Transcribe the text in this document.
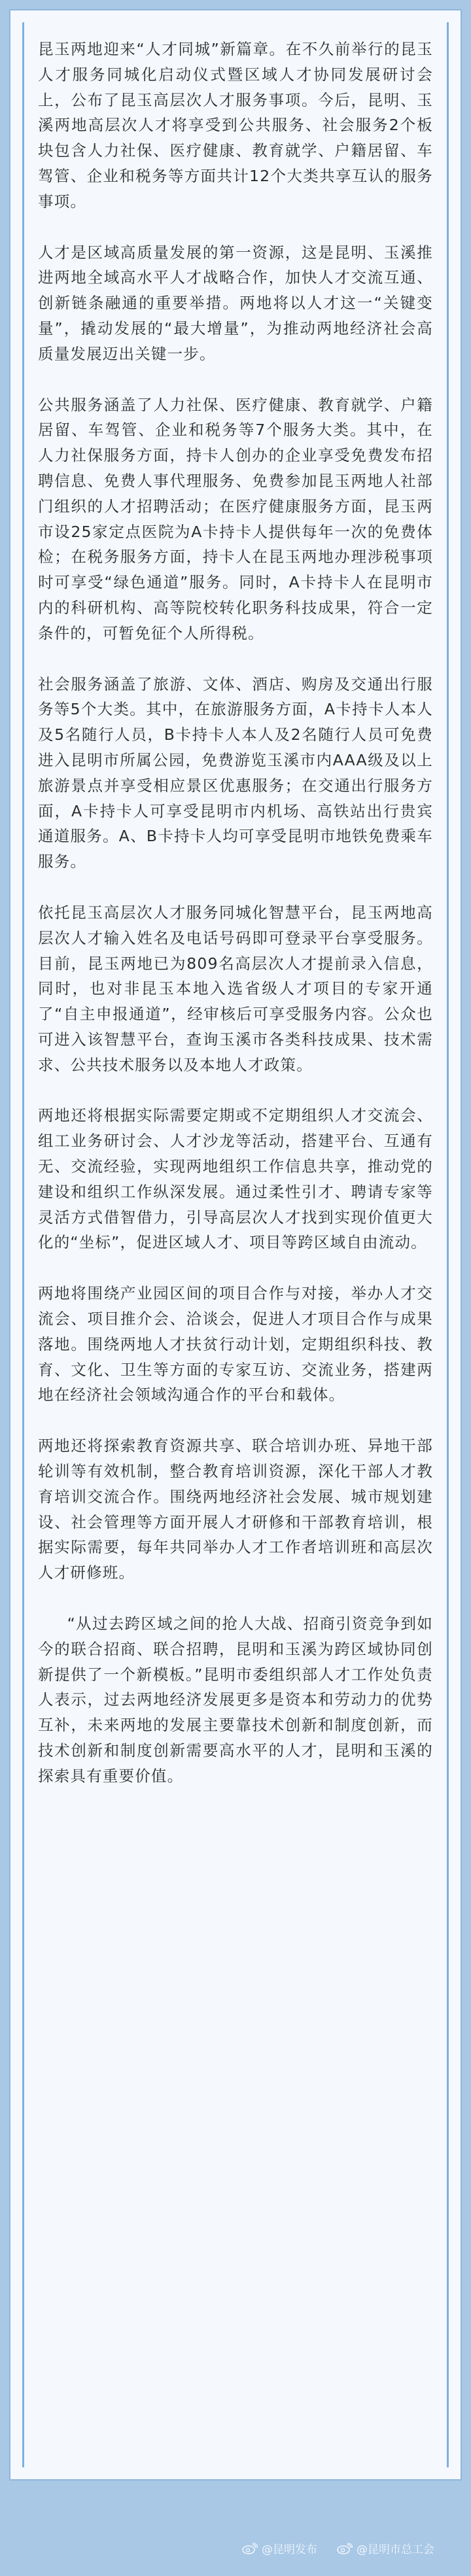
昆玉两地迎来“人才同城”新篇章。在不久前举行的昆玉人才服务同城化启动仪式暨区域人才协同发展研讨会上，公布了昆玉高层次人才服务事项。今后，昆明、玉溪两地高层次人才将享受到公共服务、社会服务2个板块包含人力社保、医疗健康、教育就学、户籍居留、车驾管、企业和税务等方面共计12个大类共享互认的服务事项。

人才是区域高质量发展的第一资源，这是昆明、玉溪推进两地全域高水平人才战略合作，加快人才交流互通、创新链条融通的重要举措。两地将以人才这一“关键变量”，撬动发展的“最大增量”，为推动两地经济社会高质量发展迈出关键一步。

公共服务涵盖了人力社保、医疗健康、教育就学、户籍居留、车驾管、企业和税务等7个服务大类。其中，在人力社保服务方面，持卡人创办的企业享受免费发布招聘信息、免费人事代理服务、免费参加昆玉两地人社部门组织的人才招聘活动；在医疗健康服务方面，昆玉两市设25家定点医院为A卡持卡人提供每年一次的免费体检；在税务服务方面，持卡人在昆玉两地办理涉税事项时可享受“绿色通道”服务。同时，A卡持卡人在昆明市内的科研机构、高等院校转化职务科技成果，符合一定条件的，可暂免征个人所得税。

社会服务涵盖了旅游、文体、酒店、购房及交通出行服务等5个大类。其中，在旅游服务方面，A卡持卡人本人及5名随行人员，B卡持卡人本人及2名随行人员可免费进入昆明市所属公园，免费游览玉溪市内AAA级及以上旅游景点并享受相应景区优惠服务；在交通出行服务方面，A卡持卡人可享受昆明市内机场、高铁站出行贵宾通道服务。A、B卡持卡人均可享受昆明市地铁免费乘车服务。

依托昆玉高层次人才服务同城化智慧平台，昆玉两地高层次人才输入姓名及电话号码即可登录平台享受服务。目前，昆玉两地已为809名高层次人才提前录入信息，同时，也对非昆玉本地入选省级人才项目的专家开通了“自主申报通道”，经审核后可享受服务内容。公众也可进入该智慧平台，查询玉溪市各类科技成果、技术需求、公共技术服务以及本地人才政策。

两地还将根据实际需要定期或不定期组织人才交流会、组工业务研讨会、人才沙龙等活动，搭建平台、互通有无、交流经验，实现两地组织工作信息共享，推动党的建设和组织工作纵深发展。通过柔性引才、聘请专家等灵活方式借智借力，引导高层次人才找到实现价值更大化的“坐标”，促进区域人才、项目等跨区域自由流动。

两地将围绕产业园区间的项目合作与对接，举办人才交流会、项目推介会、洽谈会，促进人才项目合作与成果落地。围绕两地人才扶贫行动计划，定期组织科技、教育、文化、卫生等方面的专家互访、交流业务，搭建两地在经济社会领域沟通合作的平台和载体。

两地还将探索教育资源共享、联合培训办班、异地干部轮训等有效机制，整合教育培训资源，深化干部人才教育培训交流合作。围绕两地经济社会发展、城市规划建设、社会管理等方面开展人才研修和干部教育培训，根据实际需要，每年共同举办人才工作者培训班和高层次人才研修班。

“从过去跨区域之间的抢人大战、招商引资竞争到如今的联合招商、联合招聘，昆明和玉溪为跨区域协同创新提供了一个新模板。”昆明市委组织部人才工作处负责人表示，过去两地经济发展更多是资本和劳动力的优势互补，未来两地的发展主要靠技术创新和制度创新，而技术创新和制度创新需要高水平的人才，昆明和玉溪的探索具有重要价值。

@昆明发布	@昆明市总工会
